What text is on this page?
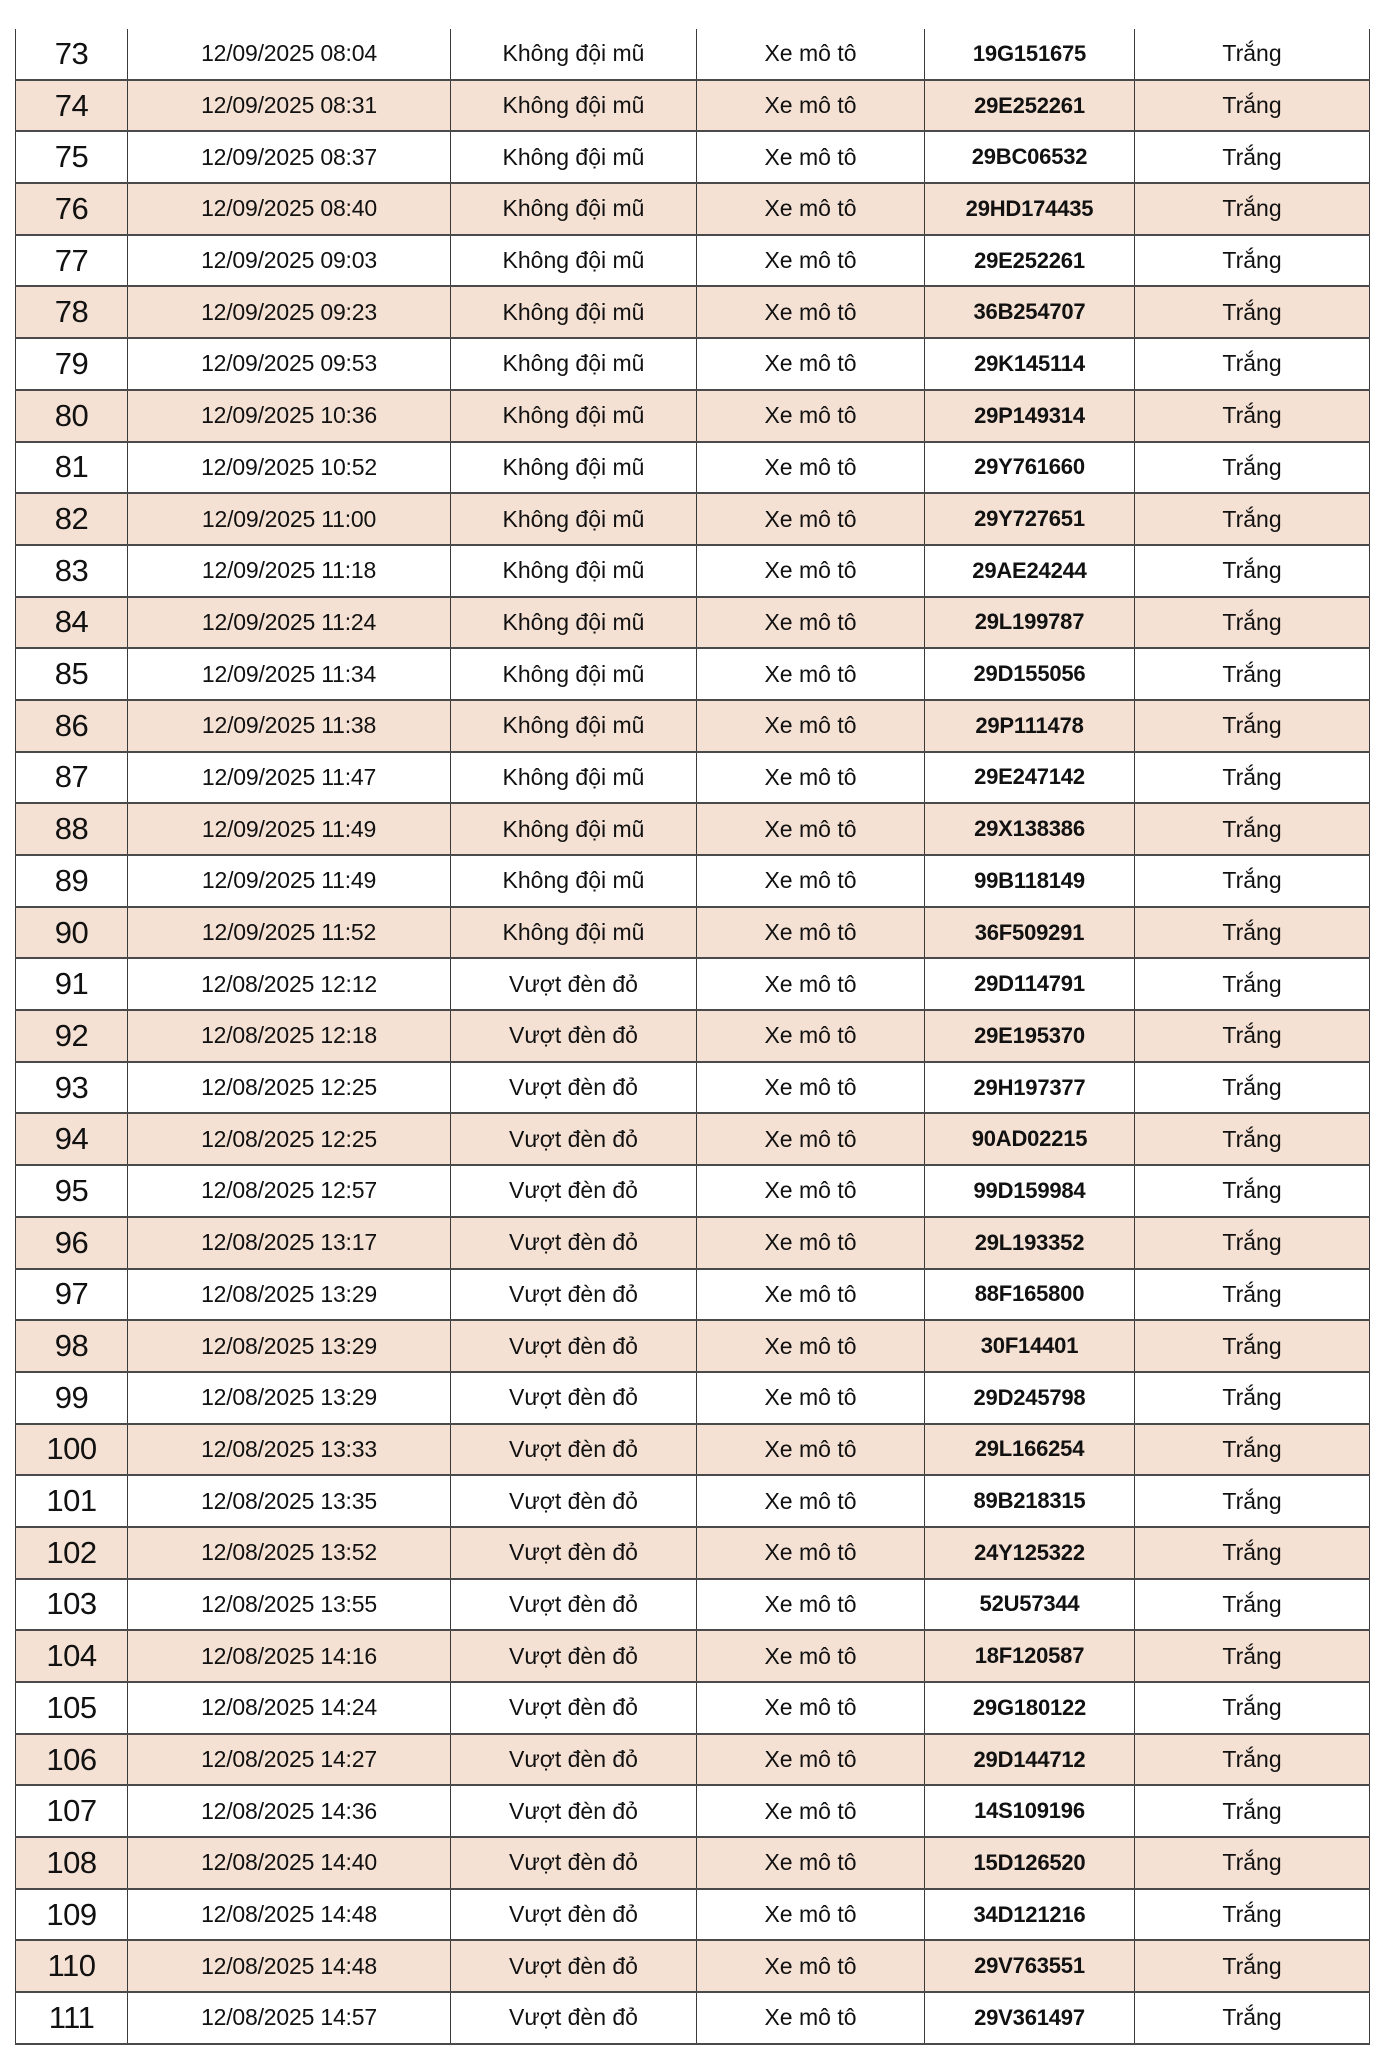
73	12/09/2025 08:04	Không đội mũ	Xe mô tô	19G151675	Trắng
74	12/09/2025 08:31	Không đội mũ	Xe mô tô	29E252261	Trắng
75	12/09/2025 08:37	Không đội mũ	Xe mô tô	29BC06532	Trắng
76	12/09/2025 08:40	Không đội mũ	Xe mô tô	29HD174435	Trắng
77	12/09/2025 09:03	Không đội mũ	Xe mô tô	29E252261	Trắng
78	12/09/2025 09:23	Không đội mũ	Xe mô tô	36B254707	Trắng
79	12/09/2025 09:53	Không đội mũ	Xe mô tô	29K145114	Trắng
80	12/09/2025 10:36	Không đội mũ	Xe mô tô	29P149314	Trắng
81	12/09/2025 10:52	Không đội mũ	Xe mô tô	29Y761660	Trắng
82	12/09/2025 11:00	Không đội mũ	Xe mô tô	29Y727651	Trắng
83	12/09/2025 11:18	Không đội mũ	Xe mô tô	29AE24244	Trắng
84	12/09/2025 11:24	Không đội mũ	Xe mô tô	29L199787	Trắng
85	12/09/2025 11:34	Không đội mũ	Xe mô tô	29D155056	Trắng
86	12/09/2025 11:38	Không đội mũ	Xe mô tô	29P111478	Trắng
87	12/09/2025 11:47	Không đội mũ	Xe mô tô	29E247142	Trắng
88	12/09/2025 11:49	Không đội mũ	Xe mô tô	29X138386	Trắng
89	12/09/2025 11:49	Không đội mũ	Xe mô tô	99B118149	Trắng
90	12/09/2025 11:52	Không đội mũ	Xe mô tô	36F509291	Trắng
91	12/08/2025 12:12	Vượt đèn đỏ	Xe mô tô	29D114791	Trắng
92	12/08/2025 12:18	Vượt đèn đỏ	Xe mô tô	29E195370	Trắng
93	12/08/2025 12:25	Vượt đèn đỏ	Xe mô tô	29H197377	Trắng
94	12/08/2025 12:25	Vượt đèn đỏ	Xe mô tô	90AD02215	Trắng
95	12/08/2025 12:57	Vượt đèn đỏ	Xe mô tô	99D159984	Trắng
96	12/08/2025 13:17	Vượt đèn đỏ	Xe mô tô	29L193352	Trắng
97	12/08/2025 13:29	Vượt đèn đỏ	Xe mô tô	88F165800	Trắng
98	12/08/2025 13:29	Vượt đèn đỏ	Xe mô tô	30F14401	Trắng
99	12/08/2025 13:29	Vượt đèn đỏ	Xe mô tô	29D245798	Trắng
100	12/08/2025 13:33	Vượt đèn đỏ	Xe mô tô	29L166254	Trắng
101	12/08/2025 13:35	Vượt đèn đỏ	Xe mô tô	89B218315	Trắng
102	12/08/2025 13:52	Vượt đèn đỏ	Xe mô tô	24Y125322	Trắng
103	12/08/2025 13:55	Vượt đèn đỏ	Xe mô tô	52U57344	Trắng
104	12/08/2025 14:16	Vượt đèn đỏ	Xe mô tô	18F120587	Trắng
105	12/08/2025 14:24	Vượt đèn đỏ	Xe mô tô	29G180122	Trắng
106	12/08/2025 14:27	Vượt đèn đỏ	Xe mô tô	29D144712	Trắng
107	12/08/2025 14:36	Vượt đèn đỏ	Xe mô tô	14S109196	Trắng
108	12/08/2025 14:40	Vượt đèn đỏ	Xe mô tô	15D126520	Trắng
109	12/08/2025 14:48	Vượt đèn đỏ	Xe mô tô	34D121216	Trắng
110	12/08/2025 14:48	Vượt đèn đỏ	Xe mô tô	29V763551	Trắng
111	12/08/2025 14:57	Vượt đèn đỏ	Xe mô tô	29V361497	Trắng
